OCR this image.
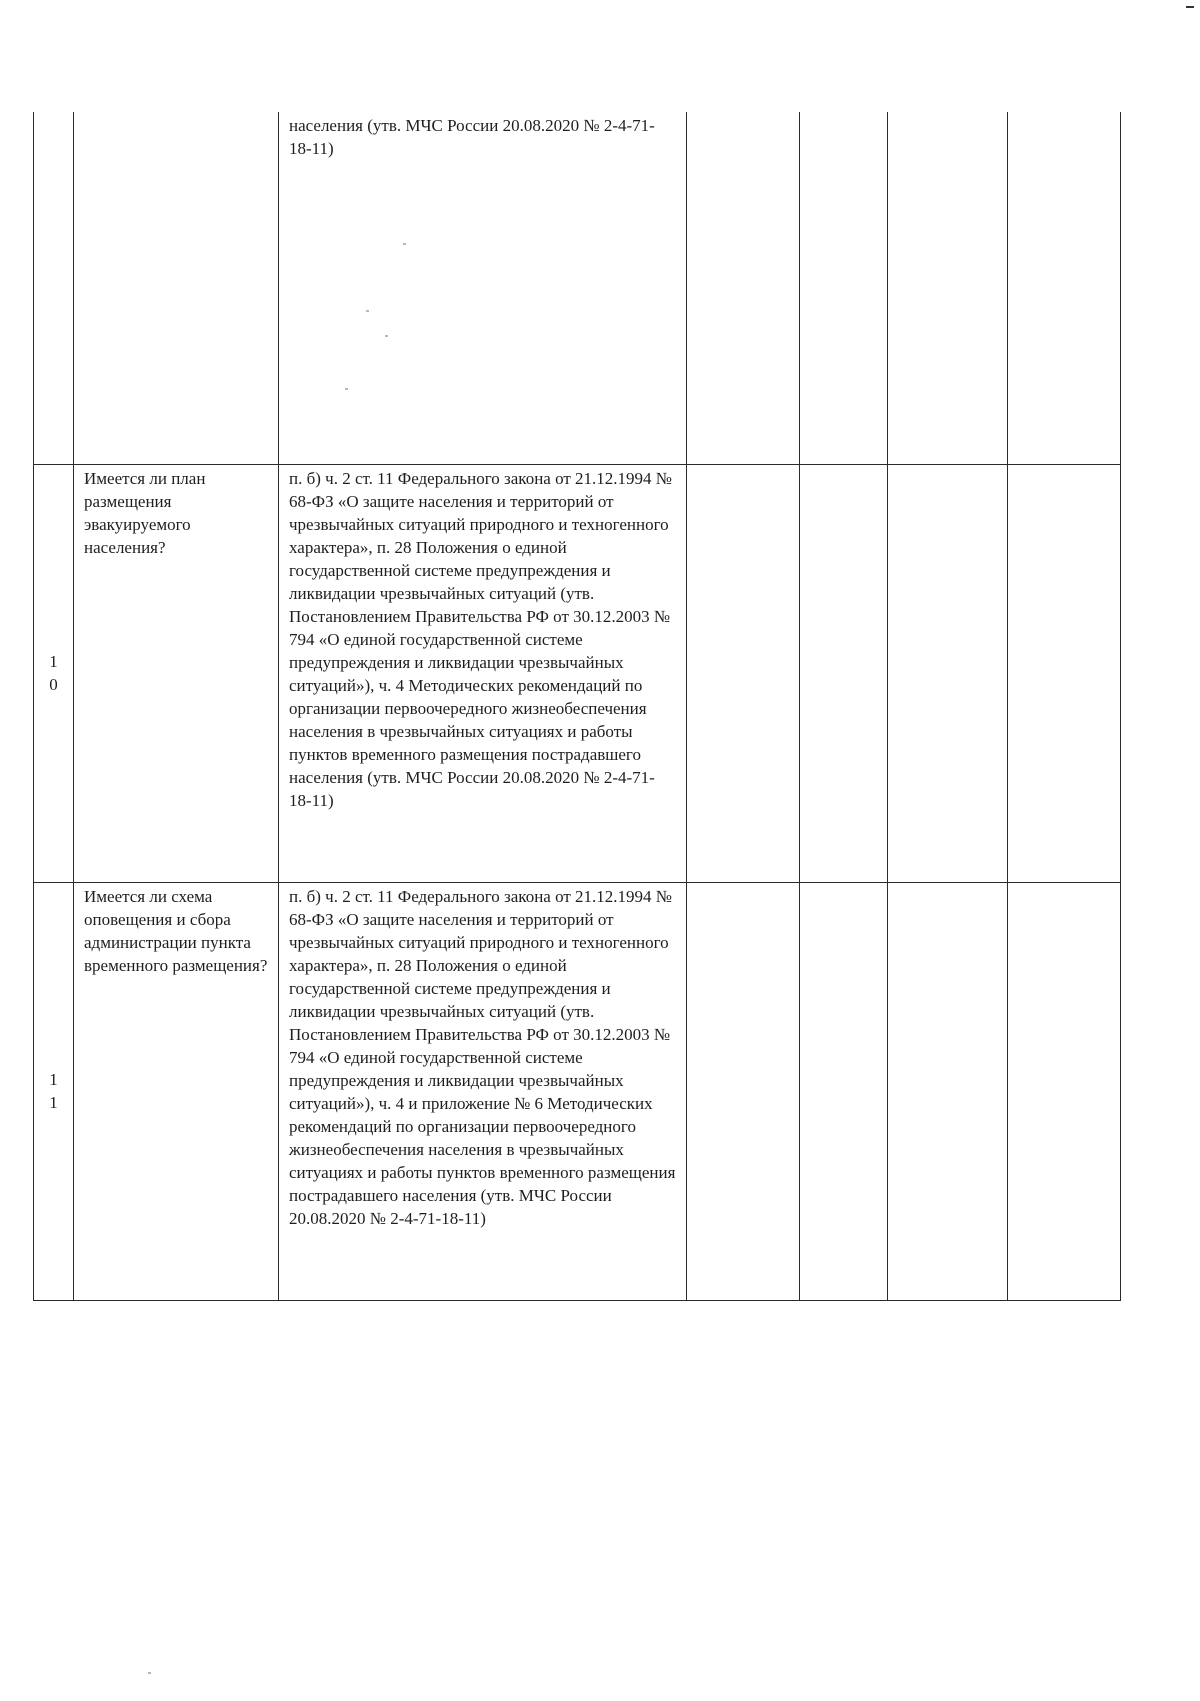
		населения (утв. МЧС России 20.08.2020 № 2-4-71-18-11)				
10	Имеется ли план размещения эвакуируемого населения?	п. б) ч. 2 ст. 11 Федерального закона от 21.12.1994 № 68-ФЗ «О защите населения и территорий от чрезвычайных ситуаций природного и техногенного характера», п. 28 Положения о единой государственной системе предупреждения и ликвидации чрезвычайных ситуаций (утв. Постановлением Правительства РФ от 30.12.2003 № 794 «О единой государственной системе предупреждения и ликвидации чрезвычайных ситуаций»), ч. 4 Методических рекомендаций по организации первоочередного жизнеобеспечения населения в чрезвычайных ситуациях и работы пунктов временного размещения пострадавшего населения (утв. МЧС России 20.08.2020 № 2-4-71-18-11)				
11	Имеется ли схема оповещения и сбора администрации пункта временного размещения?	п. б) ч. 2 ст. 11 Федерального закона от 21.12.1994 № 68-ФЗ «О защите населения и территорий от чрезвычайных ситуаций природного и техногенного характера», п. 28 Положения о единой государственной системе предупреждения и ликвидации чрезвычайных ситуаций (утв. Постановлением Правительства РФ от 30.12.2003 № 794 «О единой государственной системе предупреждения и ликвидации чрезвычайных ситуаций»), ч. 4 и приложение № 6 Методических рекомендаций по организации первоочередного жизнеобеспечения населения в чрезвычайных ситуациях и работы пунктов временного размещения пострадавшего населения (утв. МЧС России 20.08.2020 № 2-4-71-18-11)				
